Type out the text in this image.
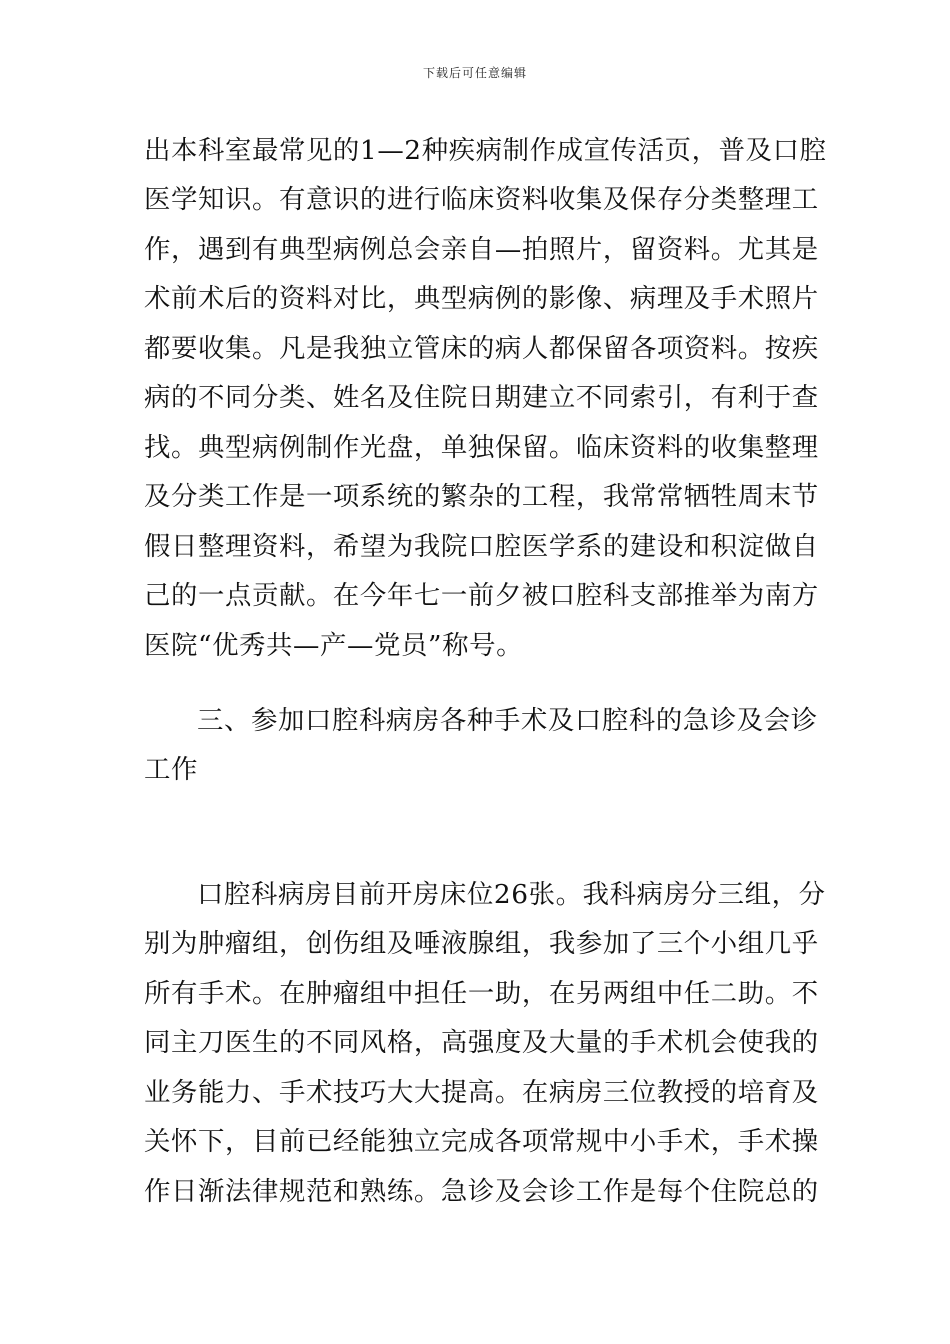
下载后可任意编辑
出本科室最常见的1—2种疾病制作成宣传活页，普及口腔
医学知识。有意识的进行临床资料收集及保存分类整理工
作，遇到有典型病例总会亲自—拍照片，留资料。尤其是
术前术后的资料对比，典型病例的影像、病理及手术照片
都要收集。凡是我独立管床的病人都保留各项资料。按疾
病的不同分类、姓名及住院日期建立不同索引，有利于查
找。典型病例制作光盘，单独保留。临床资料的收集整理
及分类工作是一项系统的繁杂的工程，我常常牺牲周末节
假日整理资料，希望为我院口腔医学系的建设和积淀做自
己的一点贡献。在今年七一前夕被口腔科支部推举为南方
医院“优秀共—产—党员”称号。
三、参加口腔科病房各种手术及口腔科的急诊及会诊
工作
口腔科病房目前开房床位26张。我科病房分三组，分
别为肿瘤组，创伤组及唾液腺组，我参加了三个小组几乎
所有手术。在肿瘤组中担任一助，在另两组中任二助。不
同主刀医生的不同风格，高强度及大量的手术机会使我的
业务能力、手术技巧大大提高。在病房三位教授的培育及
关怀下，目前已经能独立完成各项常规中小手术，手术操
作日渐法律规范和熟练。急诊及会诊工作是每个住院总的
